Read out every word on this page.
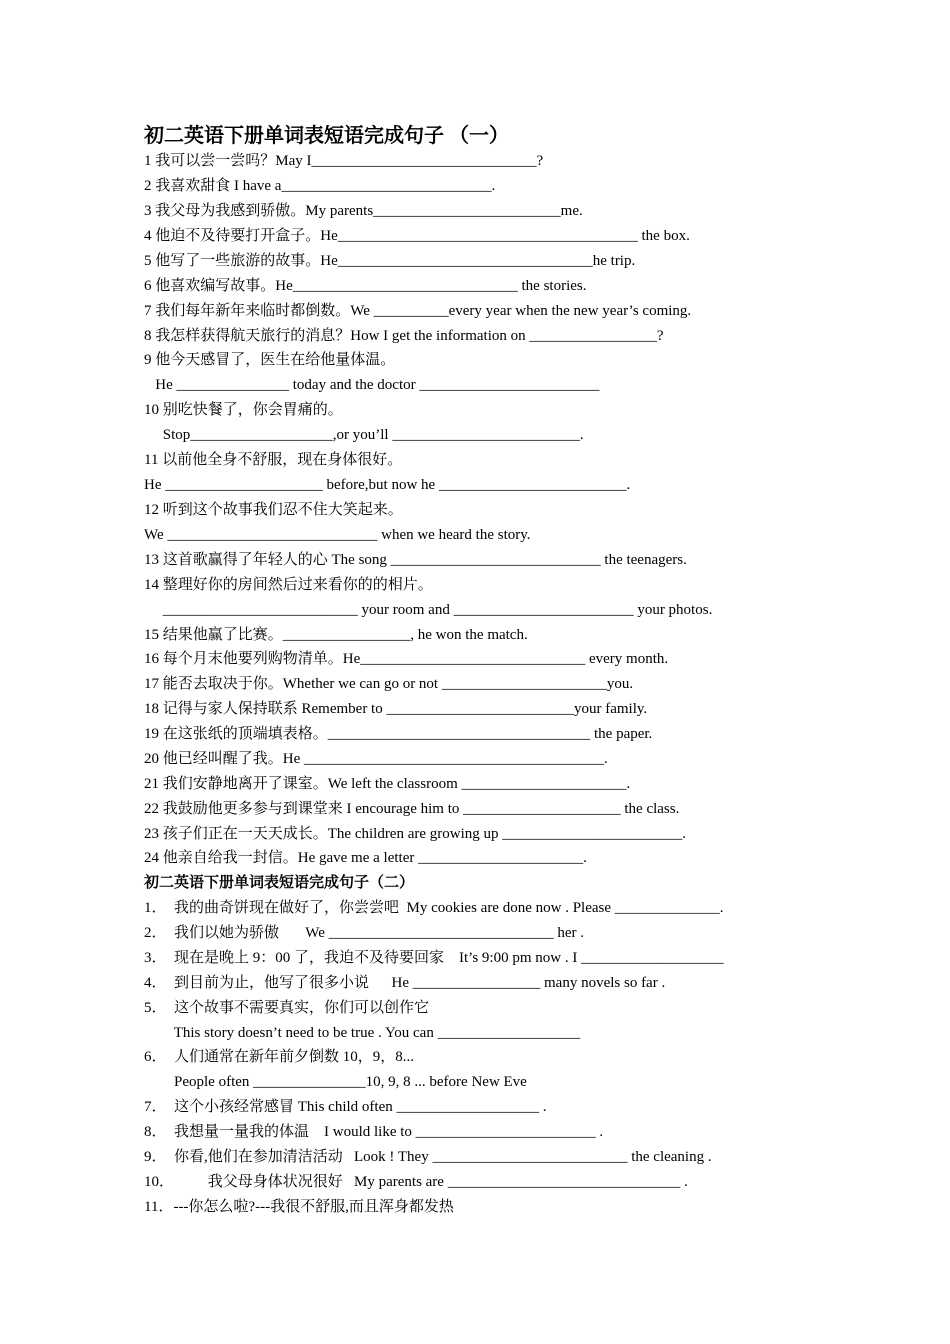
初二英语下册单词表短语完成句子 （一）
1 我可以尝一尝吗？May I______________________________?
2 我喜欢甜食 I have a____________________________.
3 我父母为我感到骄傲。My parents_________________________me.
4 他迫不及待要打开盒子。He________________________________________ the box.
5 他写了一些旅游的故事。He__________________________________he trip.
6 他喜欢编写故事。He______________________________ the stories.
7 我们每年新年来临时都倒数。We __________every year when the new year’s coming.
8 我怎样获得航天旅行的消息？How I get the information on _________________?
9 他今天感冒了，医生在给他量体温。
He _______________ today and the doctor ________________________
10 别吃快餐了，你会胃痛的。
Stop___________________,or you’ll _________________________.
11 以前他全身不舒服，现在身体很好。
He _____________________ before,but now he _________________________.
12 听到这个故事我们忍不住大笑起来。
We ____________________________ when we heard the story.
13 这首歌赢得了年轻人的心 The song ____________________________ the teenagers.
14 整理好你的房间然后过来看你的的相片。
__________________________ your room and ________________________ your photos.
15 结果他赢了比赛。_________________, he won the match.
16 每个月末他要列购物清单。He______________________________ every month.
17 能否去取决于你。Whether we can go or not ______________________you.
18 记得与家人保持联系 Remember to _________________________your family.
19 在这张纸的顶端填表格。___________________________________ the paper.
20 他已经叫醒了我。He ________________________________________.
21 我们安静地离开了课室。We left the classroom ______________________.
22 我鼓励他更多参与到课堂来 I encourage him to _____________________ the class.
23 孩子们正在一天天成长。The children are growing up ________________________.
24 他亲自给我一封信。He gave me a letter ______________________.
初二英语下册单词表短语完成句子（二）
1．  我的曲奇饼现在做好了，你尝尝吧  My cookies are done now . Please ______________.
2．  我们以她为骄傲       We ______________________________ her .
3．  现在是晚上 9：00 了，我迫不及待要回家    It’s 9:00 pm now . I ___________________
4．  到目前为止，他写了很多小说      He _________________ many novels so far .
5．  这个故事不需要真实，你们可以创作它
This story doesn’t need to be true . You can ___________________
6．  人们通常在新年前夕倒数 10，9，8...
People often _______________10, 9, 8 ... before New Eve
7．  这个小孩经常感冒 This child often ___________________ .
8．  我想量一量我的体温    I would like to ________________________ .
9．  你看,他们在参加清洁活动   Look ! They __________________________ the cleaning .
10．         我父母身体状况很好   My parents are _______________________________ .
11．---你怎么啦?---我很不舒服,而且浑身都发热
